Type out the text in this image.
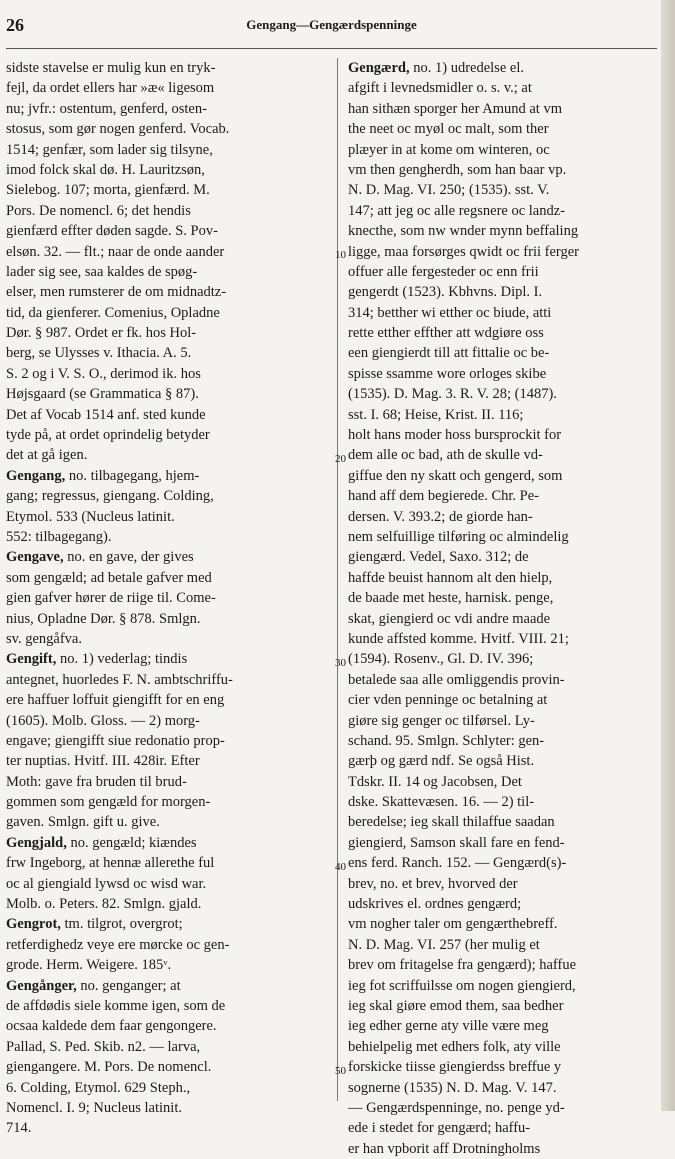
26	Gengang—Gengærdspenninge
sidste stavelse er mulig kun en tryk-
fejl, da ordet ellers har »æ« ligesom
nu; jvfr.: ostentum, genferd, osten-
stosus, som gør nogen genferd. Vocab.
1514; genfær, som lader sig tilsyne,
imod folck skal dø. H. Lauritzsøn,
Sielebog. 107; morta, gienfærd. M.
Pors. De nomencl. 6; det hendis
gienfærd effter døden sagde. S. Pov-
elsøn. 32. — flt.; naar de onde aander
lader sig see, saa kaldes de spøg-
elser, men rumsterer de om midnadtz-
tid, da gienferer. Comenius, Opladne
Dør. § 987. Ordet er fk. hos Hol-
berg, se Ulysses v. Ithacia. A. 5.
S. 2 og i V. S. O., derimod ik. hos
Højsgaard (se Grammatica § 87).
Det af Vocab 1514 anf. sted kunde
tyde på, at ordet oprindelig betyder
det at gå igen.
Gengang, no. tilbagegang, hjem-
gang; regressus, giengang. Colding,
Etymol. 533 (Nucleus latinit.
552: tilbagegang).
Gengave, no. en gave, der gives
som gengæld; ad betale gafver med
gien gafver hører de riige til. Come-
nius, Opladne Dør. § 878. Smlgn.
sv. gengåfva.
Gengift, no. 1) vederlag; tindis
antegnet, huorledes F. N. ambtschriffu-
ere haffuer loffuit giengifft for en eng
(1605). Molb. Gloss. — 2) morg-
engave; giengifft siue redonatio prop-
ter nuptias. Hvitf. III. 428ir. Efter
Moth: gave fra bruden til brud-
gommen som gengæld for morgen-
gaven. Smlgn. gift u. give.
Gengjald, no. gengæld; kiændes
frw Ingeborg, at hennæ allerethe ful
oc al giengiald lywsd oc wisd war.
Molb. o. Peters. 82. Smlgn. gjald.
Gengrot, tm. tilgrot, overgrot;
retferdighedz veye ere mørcke oc gen-
grode. Herm. Weigere. 185ᵛ.
Gengånger, no. genganger; at
de affdødis siele komme igen, som de
ocsaa kaldede dem faar gengongere.
Pallad, S. Ped. Skib. n2. — larva,
giengangere. M. Pors. De nomencl.
6. Colding, Etymol. 629 Steph.,
Nomencl. I. 9; Nucleus latinit.
714.
Gengærd, no. 1) udredelse el.
afgift i levnedsmidler o. s. v.; at
han sithæn sporger her Amund at vm
the neet oc myøl oc malt, som ther
plæyer in at kome om winteren, oc
vm then gengherdh, som han baar vp.
N. D. Mag. VI. 250; (1535). sst. V.
147; att jeg oc alle regsnere oc landz-
knecthe, som nw wnder mynn beffaling
ligge, maa forsørges qwidt oc frii ferger
offuer alle fergesteder oc enn frii
gengerdt (1523). Kbhvns. Dipl. I.
314; betther wi etther oc biude, atti
rette etther effther att wdgiøre oss
een giengierdt till att fittalie oc be-
spisse ssamme wore orloges skibe
(1535). D. Mag. 3. R. V. 28; (1487).
sst. I. 68; Heise, Krist. II. 116;
holt hans moder hoss bursprockit for
dem alle oc bad, ath de skulle vd-
giffue den ny skatt och gengerd, som
hand aff dem begierede. Chr. Pe-
dersen. V. 393.2; de giorde han-
nem selfuillige tilføring oc almindelig
giengærd. Vedel, Saxo. 312; de
haffde beuist hannom alt den hielp,
de baade met heste, harnisk. penge,
skat, giengierd oc vdi andre maade
kunde affsted komme. Hvitf. VIII. 21;
(1594). Rosenv., Gl. D. IV. 396;
betalede saa alle omliggendis provin-
cier vden penninge oc betalning at
giøre sig genger oc tilførsel. Ly-
schand. 95. Smlgn. Schlyter: gen-
gærþ og gærd ndf. Se også Hist.
Tdskr. II. 14 og Jacobsen, Det
dske. Skattevæsen. 16. — 2) til-
beredelse; ieg skall thilaffue saadan
giengierd, Samson skall fare en fend-
ens ferd. Ranch. 152. — Gengærd(s)-
brev, no. et brev, hvorved der
udskrives el. ordnes gengærd;
vm nogher taler om gengærthebreff.
N. D. Mag. VI. 257 (her mulig et
brev om fritagelse fra gengærd); haffue
ieg fot scriffuilsse om nogen giengierd,
ieg skal giøre emod them, saa bedher
ieg edher gerne aty ville være meg
behielpelig met edhers folk, aty ville
forskicke tiisse giengierdss breffue y
sognerne (1535) N. D. Mag. V. 147.
— Gengærdspenninge, no. penge yd-
ede i stedet for gengærd; haffu-
er han vpborit aff Drotningholms
10
20
30
40
50
